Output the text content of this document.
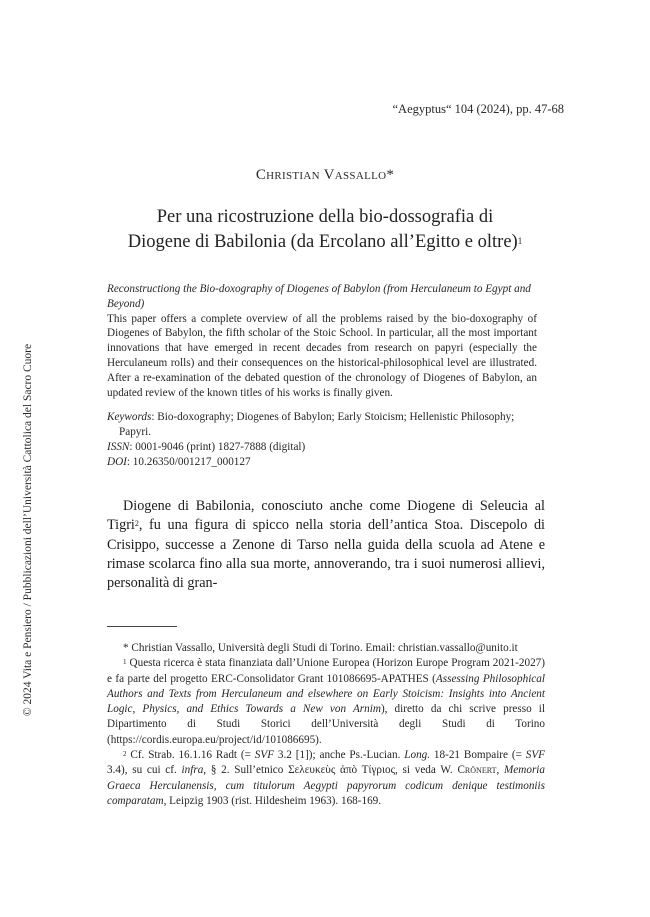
“Aegyptus“ 104 (2024), pp. 47-68
Christian Vassallo*
Per una ricostruzione della bio-dossografia di
Diogene di Babilonia (da Ercolano all’Egitto e oltre)$^1$
Reconstructiong the Bio-doxography of Diogenes of Babylon (from Herculaneum to Egypt and Beyond)

This paper offers a complete overview of all the problems raised by the bio-doxography of Diogenes of Babylon, the fifth scholar of the Stoic School. In particular, all the most important innovations that have emerged in recent decades from research on papyri (especially the Herculaneum rolls) and their consequences on the historical-philosophical level are illustrated. After a re-examination of the debated question of the chronology of Diogenes of Babylon, an updated review of the known titles of his works is finally given.

Keywords: Bio-doxography; Diogenes of Babylon; Early Stoicism; Hellenistic Philosophy;
Papyri.
ISSN: 0001-9046 (print) 1827-7888 (digital)
DOI: 10.26350/001217_000127

Diogene di Babilonia, conosciuto anche come Diogene di Seleucia al Tigri$^2$, fu una figura di spicco nella storia dell’antica Stoa. Discepolo di Crisippo, successe a Zenone di Tarso nella guida della scuola ad Atene e rimase scolarca fino alla sua morte, annoverando, tra i suoi numerosi allievi, personalità di gran-

* Christian Vassallo, Università degli Studi di Torino. Email: christian.vassallo@unito.it

$^1$ Questa ricerca è stata finanziata dall’Unione Europea (Horizon Europe Program 2021-2027) e fa parte del progetto ERC-Consolidator Grant 101086695-APATHES (Assessing Philosophical Authors and Texts from Herculaneum and elsewhere on Early Stoicism: Insights into Ancient Logic, Physics, and Ethics Towards a New von Arnim), diretto da chi scrive presso il Dipartimento di Studi Storici dell’Università degli Studi di Torino (https://cordis.europa.eu/project/id/101086695).

$^2$ Cf. Strab. 16.1.16 Radt (= SVF 3.2 [1]); anche Ps.-Lucian. Long. 18-21 Bompaire (= SVF 3.4), su cui cf. infra, § 2. Sull’etnico Σελευκεὺς ἀπὸ Τίγριος, si veda W. Crönert, Memoria Graeca Herculanensis, cum titulorum Aegypti papyrorum codicum denique testimoniis comparatam, Leipzig 1903 (rist. Hildesheim 1963). 168-169.

© 2024 Vita e Pensiero / Pubblicazioni dell’Università Cattolica del Sacro Cuore
